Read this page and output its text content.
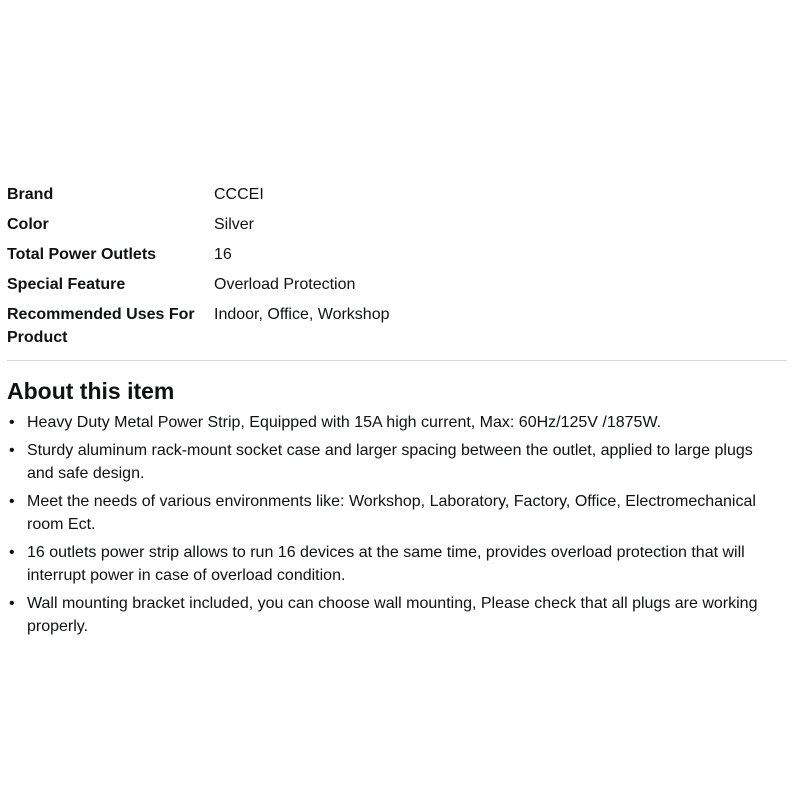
Brand	CCCEI
Color	Silver
Total Power Outlets	16
Special Feature	Overload Protection
Recommended Uses For Product	Indoor, Office, Workshop
About this item
• Heavy Duty Metal Power Strip, Equipped with 15A high current, Max: 60Hz/125V /1875W.
• Sturdy aluminum rack-mount socket case and larger spacing between the outlet, applied to large plugs and safe design.
• Meet the needs of various environments like: Workshop, Laboratory, Factory, Office, Electromechanical room Ect.
• 16 outlets power strip allows to run 16 devices at the same time, provides overload protection that will interrupt power in case of overload condition.
• Wall mounting bracket included, you can choose wall mounting, Please check that all plugs are working properly.
